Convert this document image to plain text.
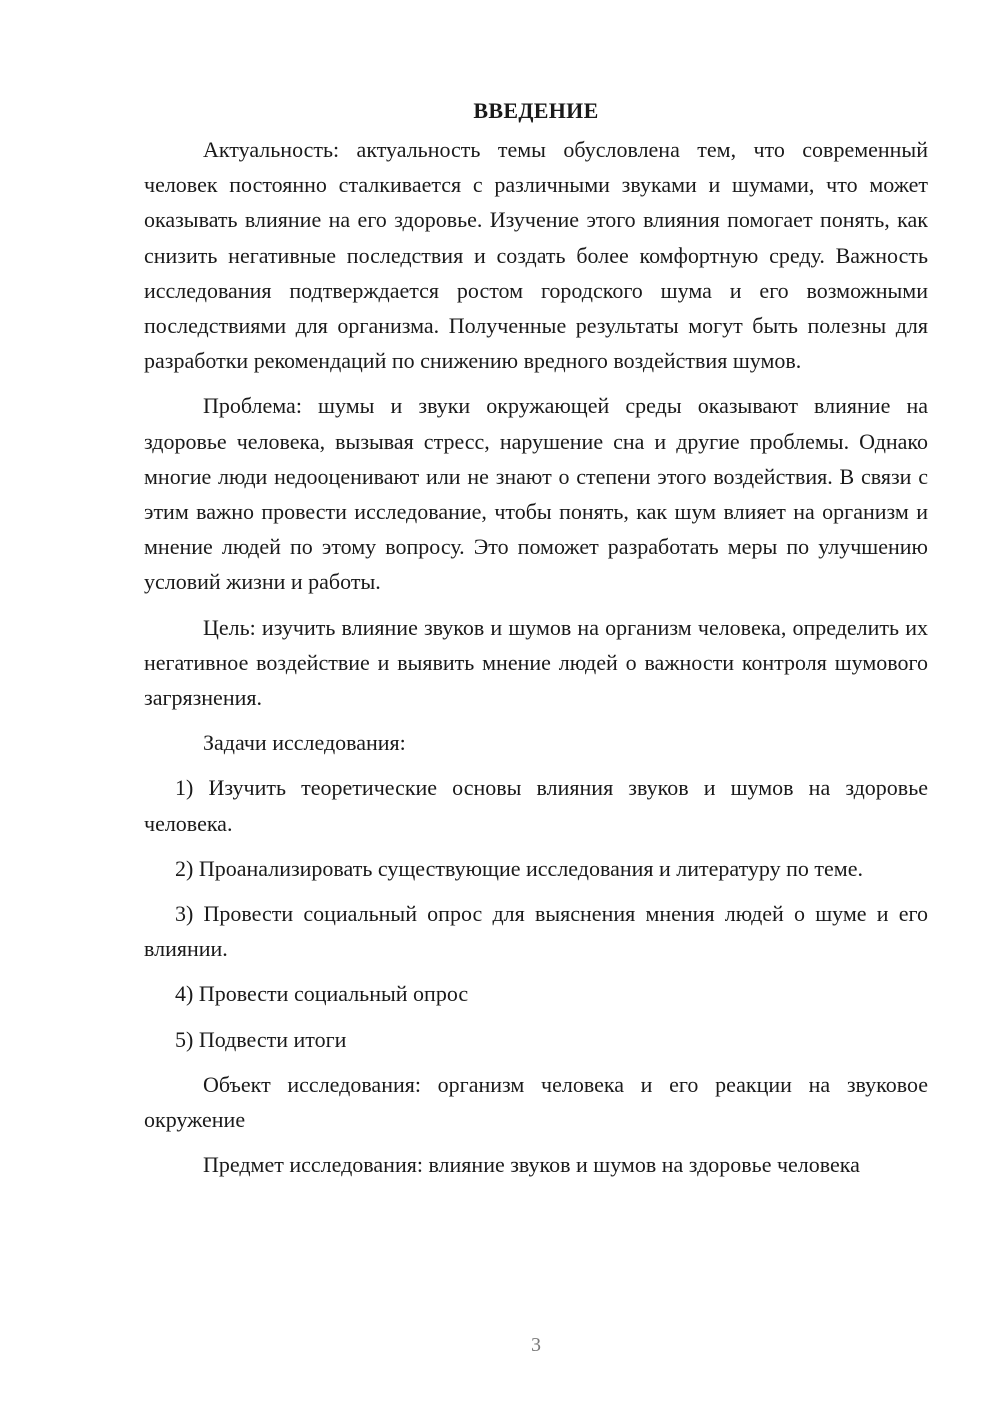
ВВЕДЕНИЕ

Актуальность: актуальность темы обусловлена тем, что современный человек постоянно сталкивается с различными звуками и шумами, что может оказывать влияние на его здоровье. Изучение этого влияния помогает понять, как снизить негативные последствия и создать более комфортную среду. Важность исследования подтверждается ростом городского шума и его возможными последствиями для организма. Полученные результаты могут быть полезны для разработки рекомендаций по снижению вредного воздействия шумов.

Проблема: шумы и звуки окружающей среды оказывают влияние на здоровье человека, вызывая стресс, нарушение сна и другие проблемы. Однако многие люди недооценивают или не знают о степени этого воздействия. В связи с этим важно провести исследование, чтобы понять, как шум влияет на организм и мнение людей по этому вопросу. Это поможет разработать меры по улучшению условий жизни и работы.

Цель: изучить влияние звуков и шумов на организм человека, определить их негативное воздействие и выявить мнение людей о важности контроля шумового загрязнения.

Задачи исследования:

1) Изучить теоретические основы влияния звуков и шумов на здоровье человека.

2) Проанализировать существующие исследования и литературу по теме.

3) Провести социальный опрос для выяснения мнения людей о шуме и его влиянии.

4) Провести социальный опрос

5) Подвести итоги

Объект исследования: организм человека и его реакции на звуковое окружение

Предмет исследования: влияние звуков и шумов на здоровье человека

3
